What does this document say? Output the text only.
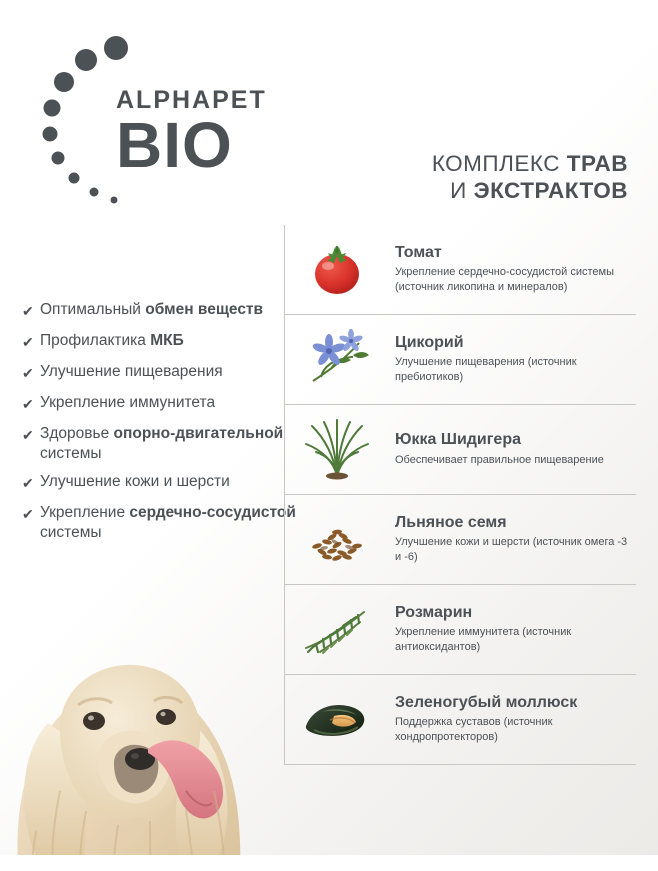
ALPHAPET
BIO
✔ Оптимальный обмен веществ
✔ Профилактика МКБ
✔ Улучшение пищеварения
✔ Укрепление иммунитета
✔ Здоровье опорно-двигательной системы
✔ Улучшение кожи и шерсти
✔ Укрепление сердечно-сосудистой системы
КОМПЛЕКС ТРАВ
И ЭКСТРАКТОВ
Томат
Укрепление сердечно-сосудистой системы (источник ликопина и минералов)
Цикорий
Улучшение пищеварения (источник пребиотиков)
Юкка Шидигера
Обеспечивает правильное пищеварение
Льняное семя
Улучшение кожи и шерсти (источник омега -3 и -6)
Розмарин
Укрепление иммунитета (источник антиоксидантов)
Зеленогубый моллюск
Поддержка суставов (источник хондропротекторов)
